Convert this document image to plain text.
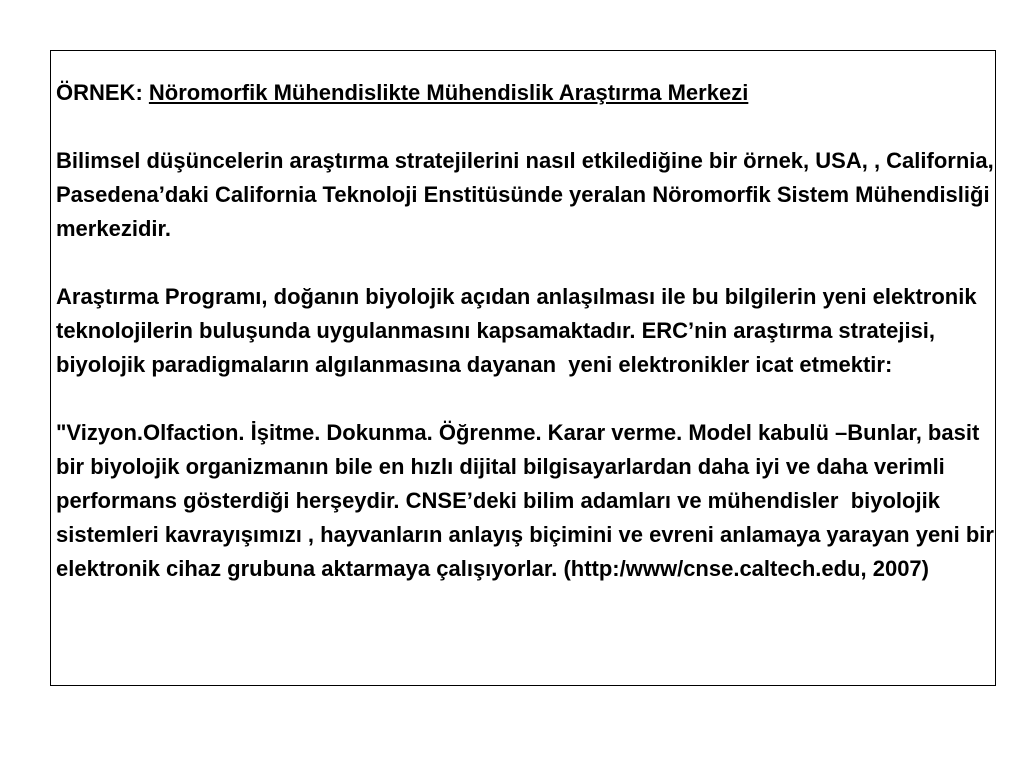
ÖRNEK: Nöromorfik Mühendislikte Mühendislik Araştırma Merkezi

Bilimsel düşüncelerin araştırma stratejilerini nasıl etkilediğine bir örnek, USA, , California, Pasedena’daki California Teknoloji Enstitüsünde yeralan Nöromorfik Sistem Mühendisliği merkezidir.

Araştırma Programı, doğanın biyolojik açıdan anlaşılması ile bu bilgilerin yeni elektronik teknolojilerin buluşunda uygulanmasını kapsamaktadır. ERC’nin araştırma stratejisi, biyolojik paradigmaların algılanmasına dayanan  yeni elektronikler icat etmektir:

"Vizyon.Olfaction. İşitme. Dokunma. Öğrenme. Karar verme. Model kabulü –Bunlar, basit bir biyolojik organizmanın bile en hızlı dijital bilgisayarlardan daha iyi ve daha verimli performans gösterdiği herşeydir. CNSE’deki bilim adamları ve mühendisler  biyolojik sistemleri kavrayışımızı , hayvanların anlayış biçimini ve evreni anlamaya yarayan yeni bir elektronik cihaz grubuna aktarmaya çalışıyorlar. (http:/www/cnse.caltech.edu, 2007)
